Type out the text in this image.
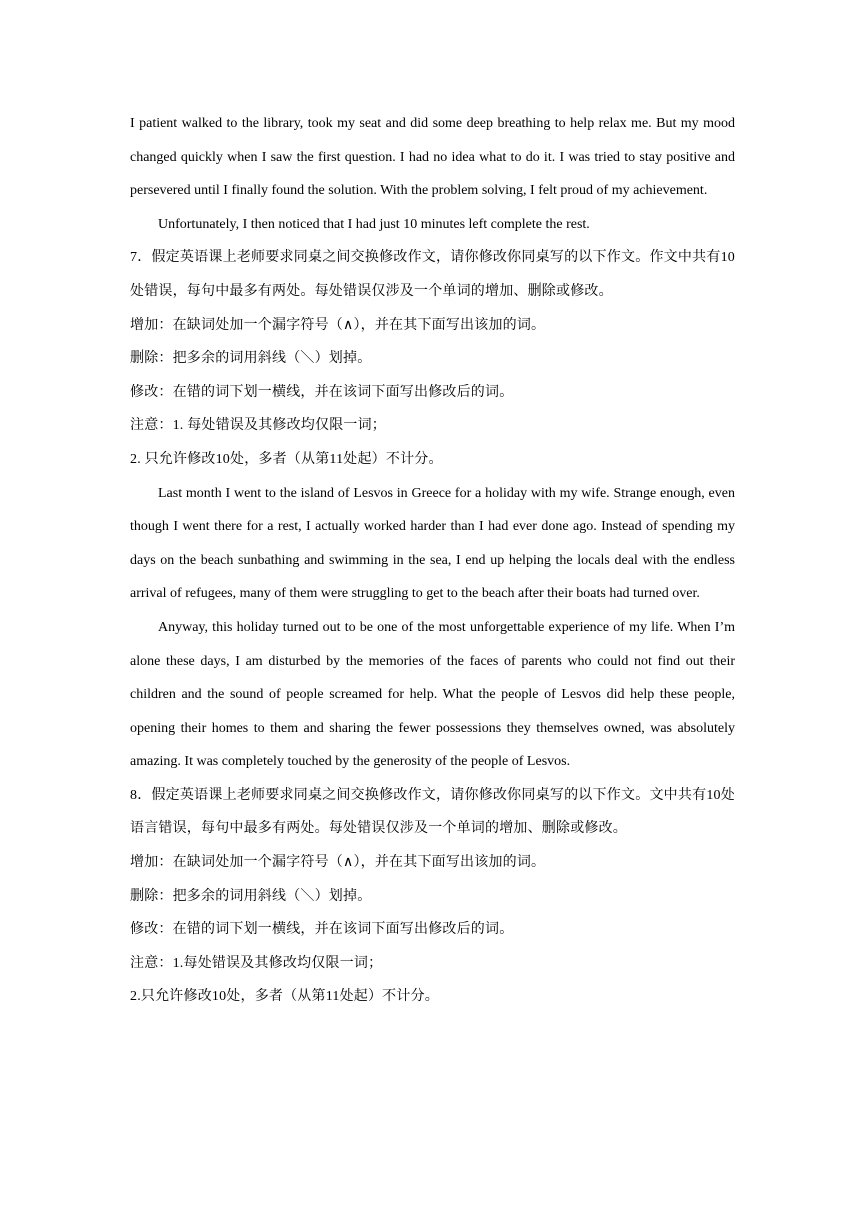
I patient walked to the library, took my seat and did some deep breathing to help relax me. But my mood changed quickly when I saw the first question. I had no idea what to do it. I was tried to stay positive and persevered until I finally found the solution. With the problem solving, I felt proud of my achievement.

Unfortunately, I then noticed that I had just 10 minutes left complete the rest.

7．假定英语课上老师要求同桌之间交换修改作文，请你修改你同桌写的以下作文。作文中共有10处错误，每句中最多有两处。每处错误仅涉及一个单词的增加、删除或修改。

增加：在缺词处加一个漏字符号（∧），并在其下面写出该加的词。

删除：把多余的词用斜线（＼）划掉。

修改：在错的词下划一横线，并在该词下面写出修改后的词。

注意：1. 每处错误及其修改均仅限一词；

2. 只允许修改10处，多者（从第11处起）不计分。

Last month I went to the island of Lesvos in Greece for a holiday with my wife. Strange enough, even though I went there for a rest, I actually worked harder than I had ever done ago. Instead of spending my days on the beach sunbathing and swimming in the sea, I end up helping the locals deal with the endless arrival of refugees, many of them were struggling to get to the beach after their boats had turned over.

Anyway, this holiday turned out to be one of the most unforgettable experience of my life. When I’m alone these days, I am disturbed by the memories of the faces of parents who could not find out their children and the sound of people screamed for help. What the people of Lesvos did help these people, opening their homes to them and sharing the fewer possessions they themselves owned, was absolutely amazing. It was completely touched by the generosity of the people of Lesvos.

8．假定英语课上老师要求同桌之间交换修改作文，请你修改你同桌写的以下作文。文中共有10处语言错误，每句中最多有两处。每处错误仅涉及一个单词的增加、删除或修改。

增加：在缺词处加一个漏字符号（∧），并在其下面写出该加的词。

删除：把多余的词用斜线（＼）划掉。

修改：在错的词下划一横线，并在该词下面写出修改后的词。

注意：1.每处错误及其修改均仅限一词；

2.只允许修改10处，多者（从第11处起）不计分。
